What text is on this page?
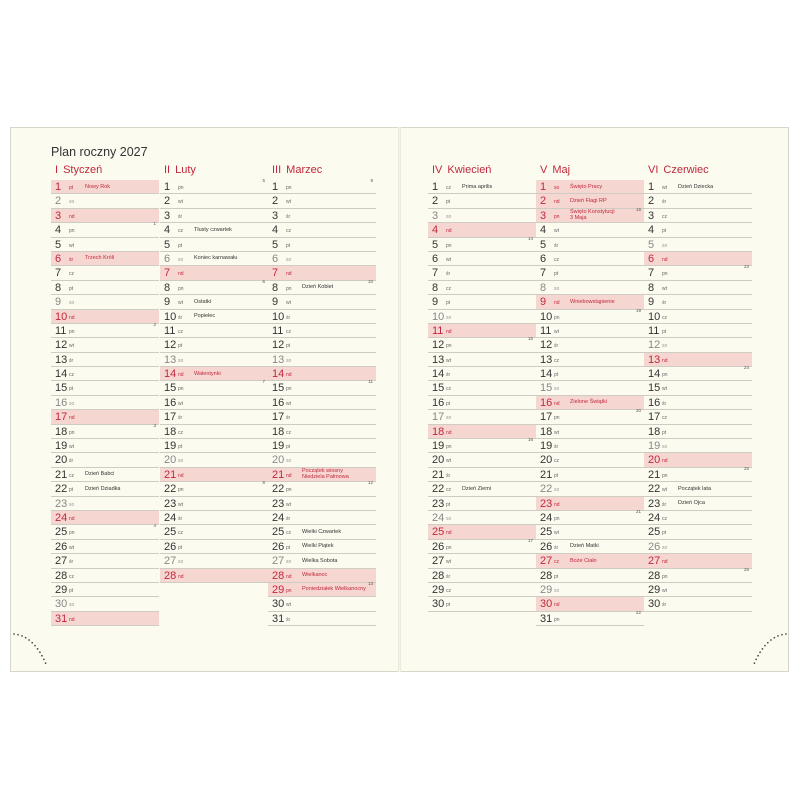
Plan roczny 2027
I Styczeń
1 pt Nowy Rok
2 so
3 nd
4 pn
1
5 wt
6 śr Trzech Króli
7 cz
8 pt
9 so
10 nd
11 pn
2
12 wt
13 śr
14 cz
15 pt
16 so
17 nd
18 pn
3
19 wt
20 śr
21 cz Dzień Babci
22 pt Dzień Dziadka
23 so
24 nd
25 pn
4
26 wt
27 śr
28 cz
29 pt
30 so
31 nd
II Luty
1 pn
5
2 wt
3 śr
4 cz Tłusty czwartek
5 pt
6 so Koniec karnawału
7 nd
8 pn
6
9 wt Ostatki
10 śr Popielec
11 cz
12 pt
13 so
14 nd Walentynki
15 pn
7
16 wt
17 śr
18 cz
19 pt
20 so
21 nd
22 pn
8
23 wt
24 śr
25 cz
26 pt
27 so
28 nd
III Marzec
1 pn
9
2 wt
3 śr
4 cz
5 pt
6 so
7 nd
8 pn Dzień Kobiet
10
9 wt
10 śr
11 cz
12 pt
13 so
14 nd
15 pn
11
16 wt
17 śr
18 cz
19 pt
20 so
21 nd
Początek wiosny
Niedziela Palmowa
22 pn
12
23 wt
24 śr
25 cz Wielki Czwartek
26 pt Wielki Piątek
27 so Wielka Sobota
28 nd Wielkanoc
29 pn Poniedziałek Wielkanocny
13
30 wt
31 śr
IV Kwiecień
1 cz Prima aprilis
2 pt
3 so
4 nd
5 pn
14
6 wt
7 śr
8 cz
9 pt
10 so
11 nd
12 pn
15
13 wt
14 śr
15 cz
16 pt
17 so
18 nd
19 pn
16
20 wt
21 śr
22 cz Dzień Ziemi
23 pt
24 so
25 nd
26 pn
17
27 wt
28 śr
29 cz
30 pt
V Maj
1 so Święto Pracy
2 nd Dzień Flagi RP
3 pn
Święto Konstytucji
3 Maja
18
4 wt
5 śr
6 cz
7 pt
8 so
9 nd Wniebowstąpienie
10 pn
19
11 wt
12 śr
13 cz
14 pt
15 so
16 nd Zielone Świątki
17 pn
20
18 wt
19 śr
20 cz
21 pt
22 so
23 nd
24 pn
21
25 wt
26 śr Dzień Matki
27 cz Boże Ciało
28 pt
29 so
30 nd
31 pn
22
VI Czerwiec
1 wt Dzień Dziecka
2 śr
3 cz
4 pt
5 so
6 nd
7 pn
23
8 wt
9 śr
10 cz
11 pt
12 so
13 nd
14 pn
24
15 wt
16 śr
17 cz
18 pt
19 so
20 nd
21 pn
25
22 wt Początek lata
23 śr Dzień Ojca
24 cz
25 pt
26 so
27 nd
28 pn
26
29 wt
30 śr
